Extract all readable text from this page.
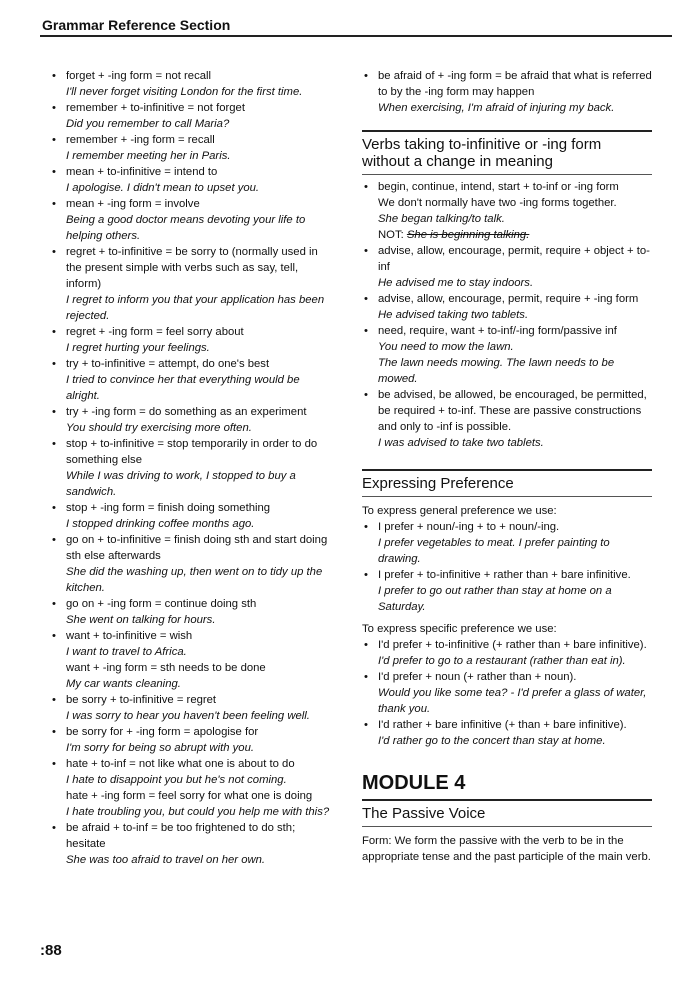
Grammar Reference Section
• forget + -ing form = not recall
I'll never forget visiting London for the first time.
• remember + to-infinitive = not forget
Did you remember to call Maria?
• remember + -ing form = recall
I remember meeting her in Paris.
• mean + to-infinitive = intend to
I apologise. I didn't mean to upset you.
• mean + -ing form = involve
Being a good doctor means devoting your life to helping others.
• regret + to-infinitive = be sorry to (normally used in the present simple with verbs such as say, tell, inform)
I regret to inform you that your application has been rejected.
• regret + -ing form = feel sorry about
I regret hurting your feelings.
• try + to-infinitive = attempt, do one's best
I tried to convince her that everything would be alright.
• try + -ing form = do something as an experiment
You should try exercising more often.
• stop + to-infinitive = stop temporarily in order to do something else
While I was driving to work, I stopped to buy a sandwich.
• stop + -ing form = finish doing something
I stopped drinking coffee months ago.
• go on + to-infinitive = finish doing sth and start doing sth else afterwards
She did the washing up, then went on to tidy up the kitchen.
• go on + -ing form = continue doing sth
She went on talking for hours.
• want + to-infinitive = wish
I want to travel to Africa.
want + -ing form = sth needs to be done
My car wants cleaning.
• be sorry + to-infinitive = regret
I was sorry to hear you haven't been feeling well.
• be sorry for + -ing form = apologise for
I'm sorry for being so abrupt with you.
• hate + to-inf = not like what one is about to do
I hate to disappoint you but he's not coming.
hate + -ing form = feel sorry for what one is doing
I hate troubling you, but could you help me with this?
• be afraid + to-inf = be too frightened to do sth; hesitate
She was too afraid to travel on her own.
• be afraid of + -ing form = be afraid that what is referred to by the -ing form may happen
When exercising, I'm afraid of injuring my back.
Verbs taking to-infinitive or -ing form without a change in meaning
• begin, continue, intend, start + to-inf or -ing form
We don't normally have two -ing forms together.
She began talking/to talk.
NOT: She is beginning talking.
• advise, allow, encourage, permit, require + object + to-inf
He advised me to stay indoors.
• advise, allow, encourage, permit, require + -ing form
He advised taking two tablets.
• need, require, want + to-inf/-ing form/passive inf
You need to mow the lawn.
The lawn needs mowing. The lawn needs to be mowed.
• be advised, be allowed, be encouraged, be permitted, be required + to-inf. These are passive constructions and only to -inf is possible.
I was advised to take two tablets.
Expressing Preference
To express general preference we use:
• I prefer + noun/-ing + to + noun/-ing.
I prefer vegetables to meat. I prefer painting to drawing.
• I prefer + to-infinitive + rather than + bare infinitive.
I prefer to go out rather than stay at home on a Saturday.
To express specific preference we use:
• I'd prefer + to-infinitive (+ rather than + bare infinitive).
I'd prefer to go to a restaurant (rather than eat in).
• I'd prefer + noun (+ rather than + noun).
Would you like some tea? - I'd prefer a glass of water, thank you.
• I'd rather + bare infinitive (+ than + bare infinitive).
I'd rather go to the concert than stay at home.
MODULE 4
The Passive Voice
Form: We form the passive with the verb to be in the appropriate tense and the past participle of the main verb.
:88
